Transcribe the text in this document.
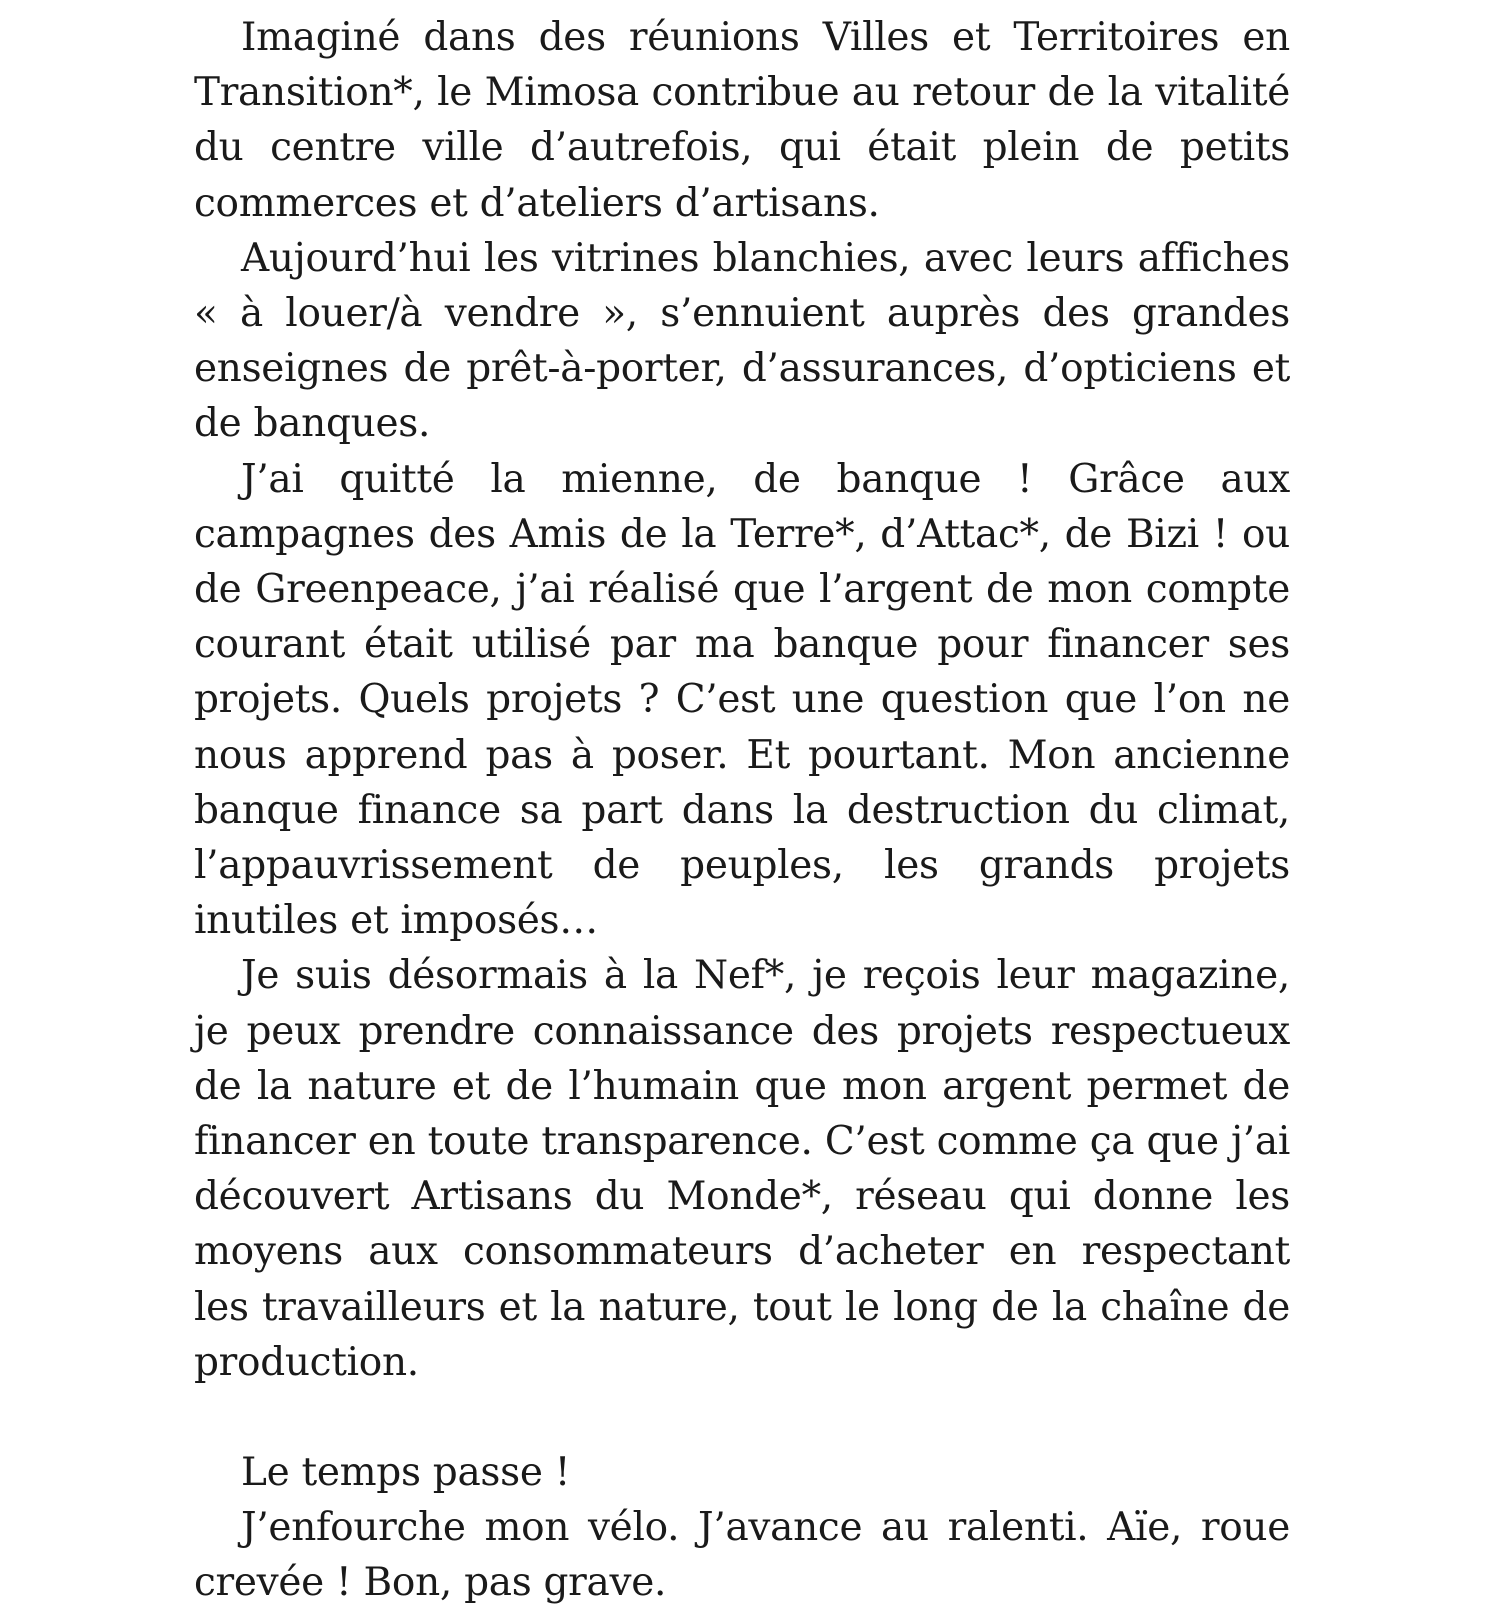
Imaginé dans des réunions Villes et Territoires en Transition*, le Mimosa contribue au retour de la vitalité du centre ville d’autrefois, qui était plein de petits commerces et d’ateliers d’artisans.

Aujourd’hui les vitrines blanchies, avec leurs affiches « à louer/à vendre », s’ennuient auprès des grandes enseignes de prêt-à-porter, d’assurances, d’opticiens et de banques.

J’ai quitté la mienne, de banque ! Grâce aux campagnes des Amis de la Terre*, d’Attac*, de Bizi ! ou de Greenpeace, j’ai réalisé que l’argent de mon compte courant était utilisé par ma banque pour financer ses projets. Quels projets ? C’est une question que l’on ne nous apprend pas à poser. Et pourtant. Mon ancienne banque finance sa part dans la destruction du climat, l’appauvrissement de peuples, les grands projets inutiles et imposés…

Je suis désormais à la Nef*, je reçois leur magazine, je peux prendre connaissance des projets respectueux de la nature et de l’humain que mon argent permet de financer en toute transparence. C’est comme ça que j’ai découvert Artisans du Monde*, réseau qui donne les moyens aux consommateurs d’acheter en respectant les travailleurs et la nature, tout le long de la chaîne de production.

Le temps passe !

J’enfourche mon vélo. J’avance au ralenti. Aïe, roue crevée ! Bon, pas grave.
